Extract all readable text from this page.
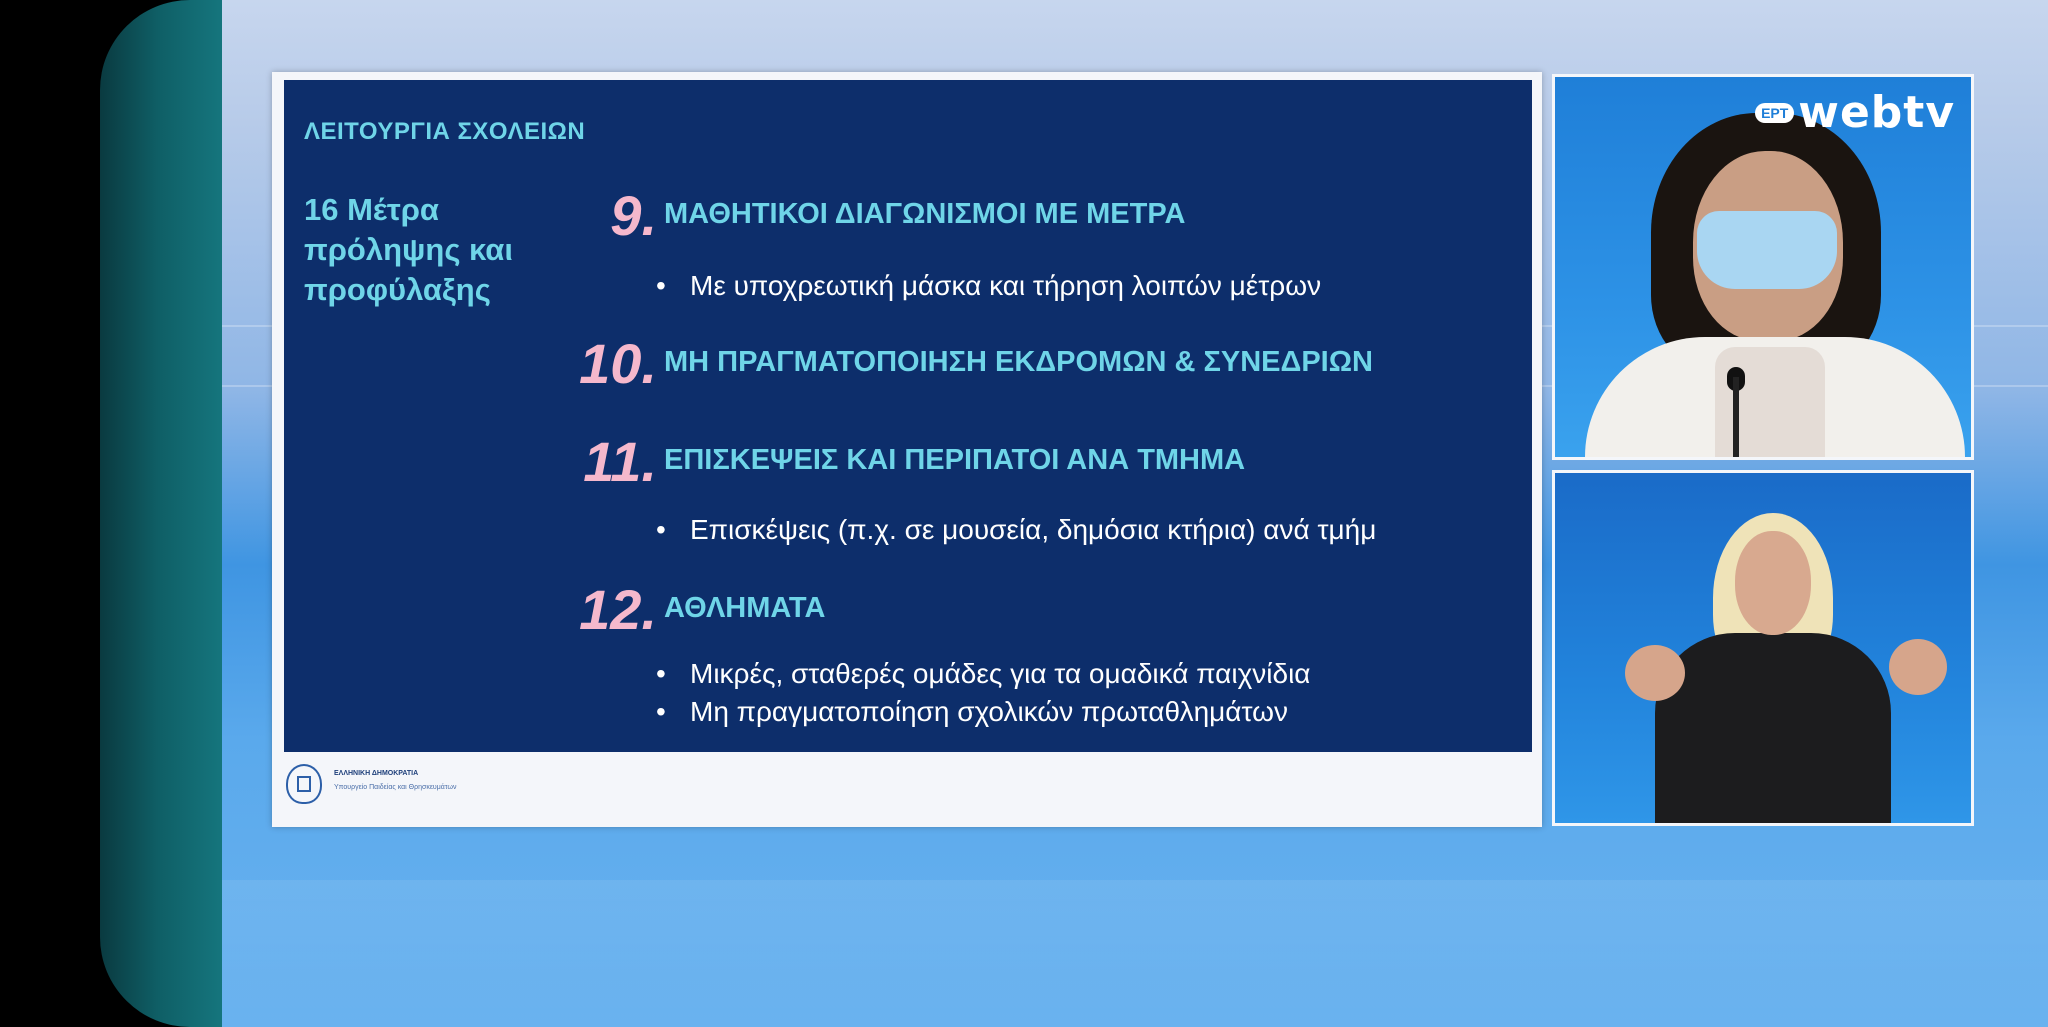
ΛΕΙΤΟΥΡΓΙΑ ΣΧΟΛΕΙΩΝ
16 Μέτρα
πρόληψης και
προφύλαξης
9. ΜΑΘΗΤΙΚΟΙ ΔΙΑΓΩΝΙΣΜΟΙ ΜΕ ΜΕΤΡΑ
• Με υποχρεωτική μάσκα και τήρηση λοιπών μέτρων
10. ΜΗ ΠΡΑΓΜΑΤΟΠΟΙΗΣΗ ΕΚΔΡΟΜΩΝ & ΣΥΝΕΔΡΙΩΝ
11. ΕΠΙΣΚΕΨΕΙΣ ΚΑΙ ΠΕΡΙΠΑΤΟΙ ΑΝΑ ΤΜΗΜΑ
• Επισκέψεις (π.χ. σε μουσεία, δημόσια κτήρια) ανά τμήμ
12. ΑΘΛΗΜΑΤΑ
• Μικρές, σταθερές ομάδες για τα ομαδικά παιχνίδια
• Μη πραγματοποίηση σχολικών πρωταθλημάτων
ΕΛΛΗΝΙΚΗ ΔΗΜΟΚΡΑΤΙΑ
Υπουργείο Παιδείας και Θρησκευμάτων
ΕΡΤ webtv
